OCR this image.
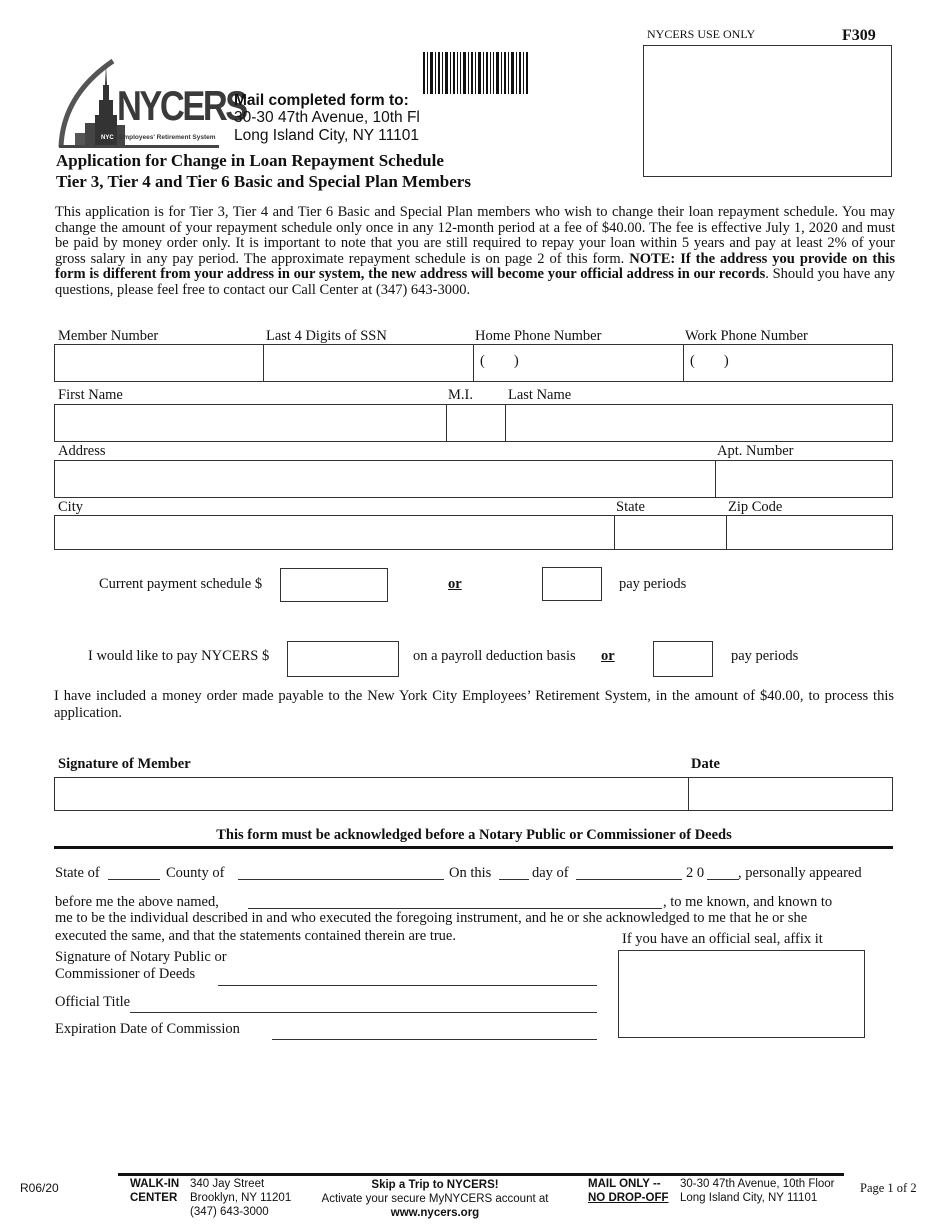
NYCERS
NYC Employees' Retirement System
Mail completed form to:
30-30 47th Avenue, 10th Fl
Long Island City, NY 11101
NYCERS USE ONLY	F309
Application for Change in Loan Repayment Schedule
Tier 3, Tier 4 and Tier 6 Basic and Special Plan Members
This application is for Tier 3, Tier 4 and Tier 6 Basic and Special Plan members who wish to change their loan repayment schedule. You may change the amount of your repayment schedule only once in any 12-month period at a fee of $40.00. The fee is effective July 1, 2020 and must be paid by money order only. It is important to note that you are still required to repay your loan within 5 years and pay at least 2% of your gross salary in any pay period. The approximate repayment schedule is on page 2 of this form. NOTE: If the address you provide on this form is different from your address in our system, the new address will become your official address in our records. Should you have any questions, please feel free to contact our Call Center at (347) 643-3000.
Member Number	Last 4 Digits of SSN	Home Phone Number	Work Phone Number
(        )	(        )
First Name	M.I. Last Name
Address	Apt. Number
City	State	Zip Code
Current payment schedule $	or	pay periods
I would like to pay NYCERS $	on a payroll deduction basis or	pay periods
I have included a money order made payable to the New York City Employees’ Retirement System, in the amount of $40.00, to process this application.
Signature of Member	Date
This form must be acknowledged before a Notary Public or Commissioner of Deeds
State of	County of	On this	day of	2 0 , personally appeared
before me the above named,	, to me known, and known to
me to be the individual described in and who executed the foregoing instrument, and he or she acknowledged to me that he or she
executed the same, and that the statements contained therein are true.	If you have an official seal, affix it
Signature of Notary Public or
Commissioner of Deeds
Official Title
Expiration Date of Commission
R06/20	WALK-IN
CENTER
340 Jay Street
Brooklyn, NY 11201
(347) 643-3000
Skip a Trip to NYCERS!
Activate your secure MyNYCERS account at
www.nycers.org
MAIL ONLY --
NO DROP-OFF
30-30 47th Avenue, 10th Floor
Long Island City, NY 11101
Page 1 of 2
